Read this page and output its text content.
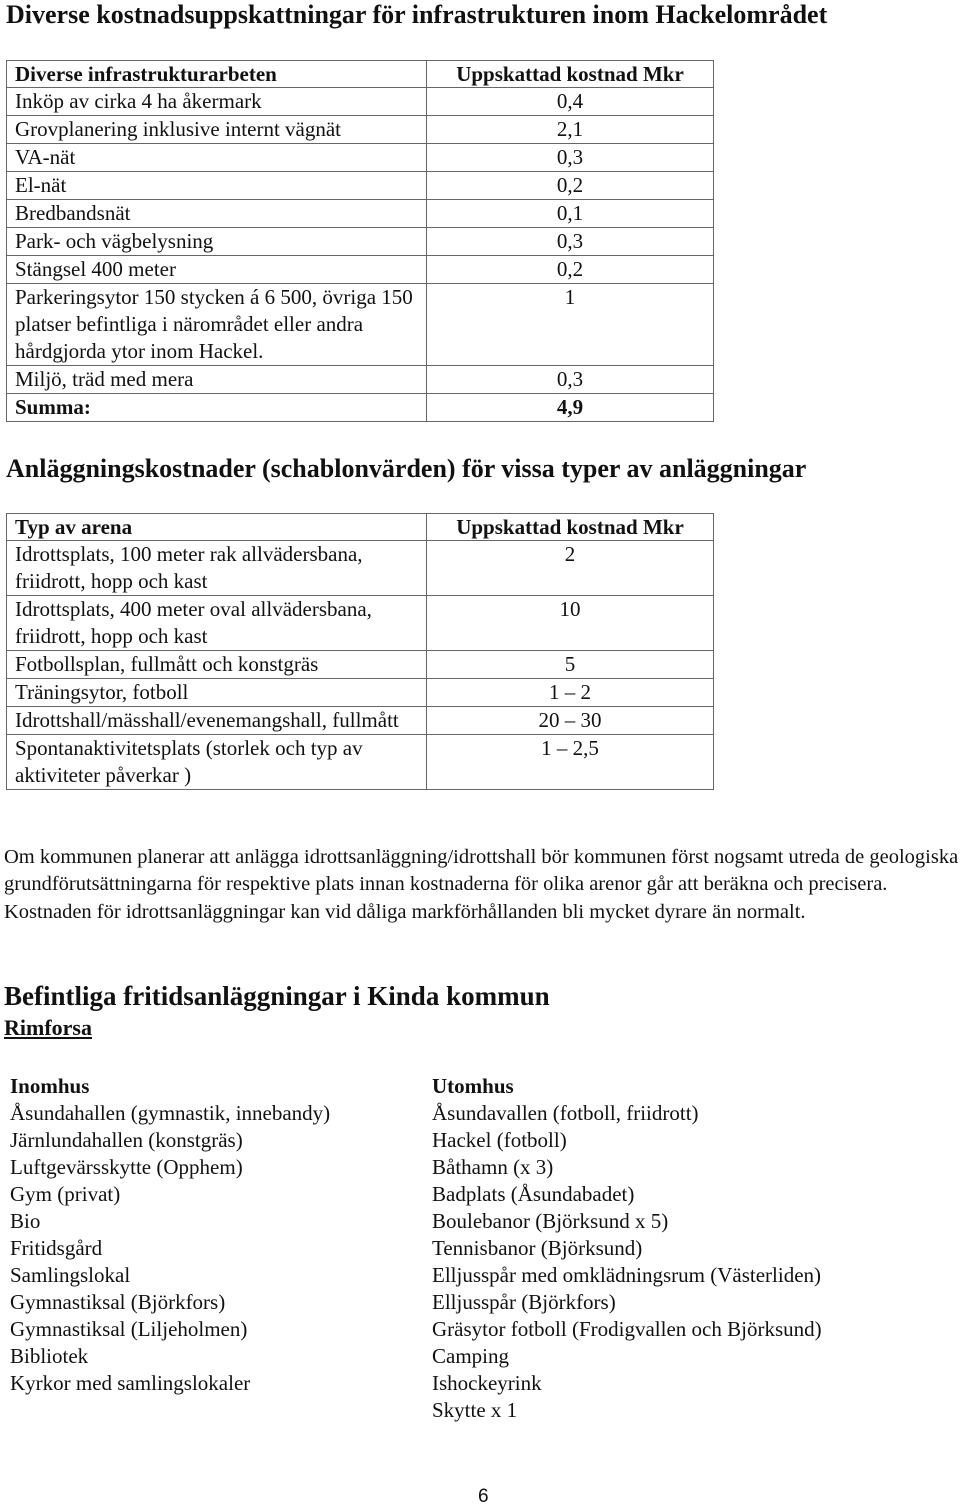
Diverse kostnadsuppskattningar för infrastrukturen inom Hackelområdet
Diverse infrastrukturarbeten	Uppskattad kostnad Mkr
Inköp av cirka 4 ha åkermark	0,4
Grovplanering inklusive internt vägnät	2,1
VA-nät	0,3
El-nät	0,2
Bredbandsnät	0,1
Park- och vägbelysning	0,3
Stängsel 400 meter	0,2
Parkeringsytor 150 stycken á 6 500, övriga 150 platser befintliga i närområdet eller andra hårdgjorda ytor inom Hackel.	1
Miljö, träd med mera	0,3
Summa:	4,9
Anläggningskostnader (schablonvärden) för vissa typer av anläggningar
Typ av arena	Uppskattad kostnad Mkr
Idrottsplats, 100 meter rak allvädersbana, friidrott, hopp och kast	2
Idrottsplats, 400 meter oval allvädersbana, friidrott, hopp och kast	10
Fotbollsplan, fullmått och konstgräs	5
Träningsytor, fotboll	1 – 2
Idrottshall/mässhall/evenemangshall, fullmått	20 – 30
Spontanaktivitetsplats (storlek och typ av aktiviteter påverkar )	1 – 2,5

Om kommunen planerar att anlägga idrottsanläggning/idrottshall bör kommunen först nogsamt utreda de geologiska grundförutsättningarna för respektive plats innan kostnaderna för olika arenor går att beräkna och precisera. Kostnaden för idrottsanläggningar kan vid dåliga markförhållanden bli mycket dyrare än normalt.

Befintliga fritidsanläggningar i Kinda kommun
Rimforsa
Inomhus
Åsundahallen (gymnastik, innebandy)
Järnlundahallen (konstgräs)
Luftgevärsskytte (Opphem)
Gym (privat)
Bio
Fritidsgård
Samlingslokal
Gymnastiksal (Björkfors)
Gymnastiksal (Liljeholmen)
Bibliotek
Kyrkor med samlingslokaler
Utomhus
Åsundavallen (fotboll, friidrott)
Hackel (fotboll)
Båthamn (x 3)
Badplats (Åsundabadet)
Boulebanor (Björksund x 5)
Tennisbanor (Björksund)
Elljusspår med omklädningsrum (Västerliden)
Elljusspår (Björkfors)
Gräsytor fotboll (Frodigvallen och Björksund)
Camping
Ishockeyrink
Skytte x 1
6
